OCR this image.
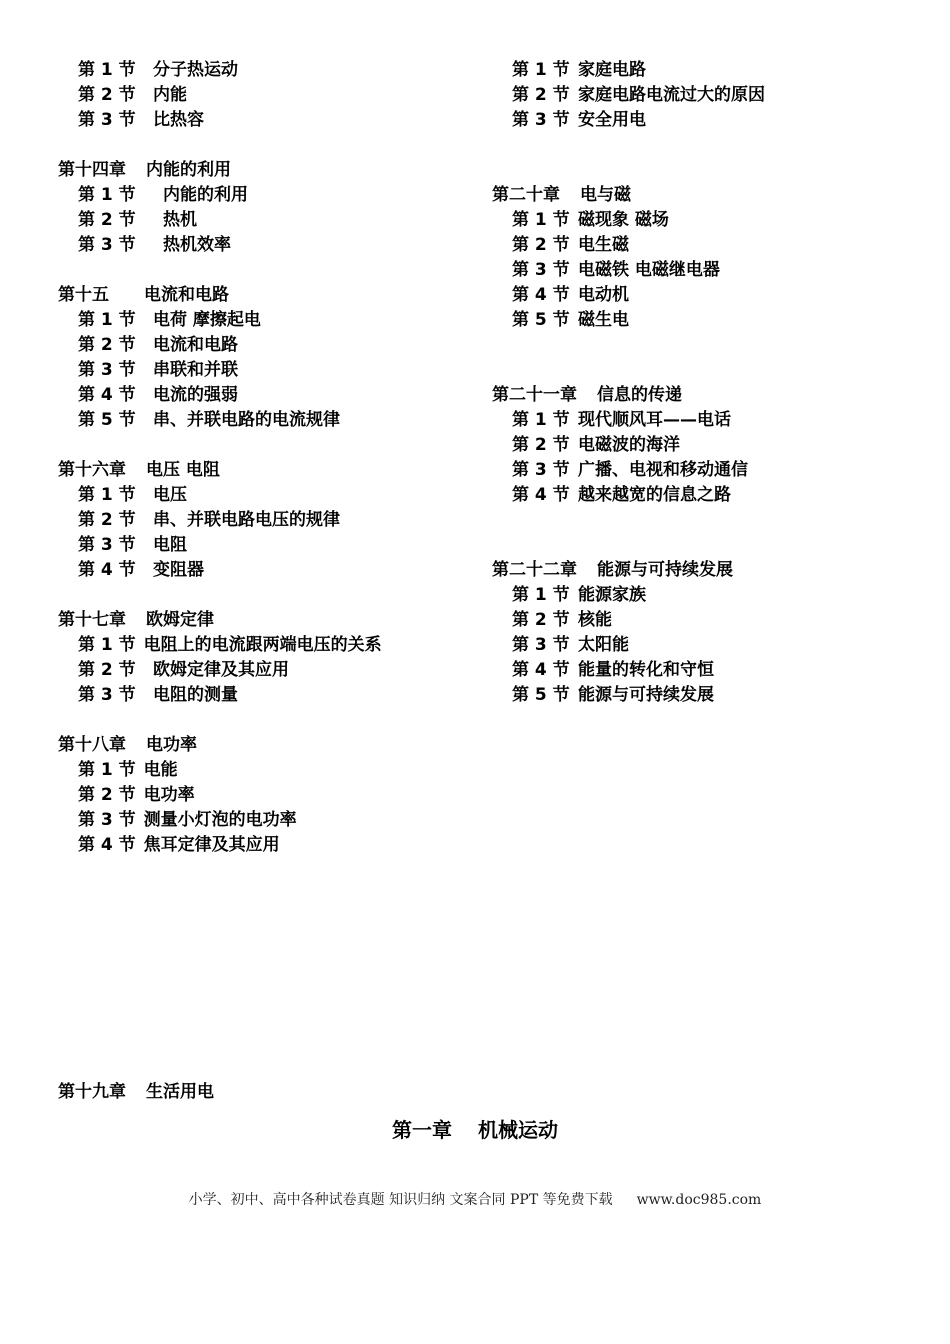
第 1 节 分子热运动
第 2 节 内能
第 3 节 比热容
第十四章 内能的利用
第 1 节 内能的利用
第 2 节 热机
第 3 节 热机效率
第十五 电流和电路
第 1 节 电荷 摩擦起电
第 2 节 电流和电路
第 3 节 串联和并联
第 4 节 电流的强弱
第 5 节 串、并联电路的电流规律
第十六章 电压 电阻
第 1 节 电压
第 2 节 串、并联电路电压的规律
第 3 节 电阻
第 4 节 变阻器
第十七章 欧姆定律
第 1 节 电阻上的电流跟两端电压的关系
第 2 节 欧姆定律及其应用
第 3 节 电阻的测量
第十八章 电功率
第 1 节 电能
第 2 节 电功率
第 3 节 测量小灯泡的电功率
第 4 节 焦耳定律及其应用
第 1 节 家庭电路
第 2 节 家庭电路电流过大的原因
第 3 节 安全用电
第二十章 电与磁
第 1 节 磁现象 磁场
第 2 节 电生磁
第 3 节 电磁铁 电磁继电器
第 4 节 电动机
第 5 节 磁生电
第二十一章 信息的传递
第 1 节 现代顺风耳——电话
第 2 节 电磁波的海洋
第 3 节 广播、电视和移动通信
第 4 节 越来越宽的信息之路
第二十二章 能源与可持续发展
第 1 节 能源家族
第 2 节 核能
第 3 节 太阳能
第 4 节 能量的转化和守恒
第 5 节 能源与可持续发展
第十九章 生活用电
第一章 机械运动
小学、初中、高中各种试卷真题 知识归纳 文案合同 PPT 等免费下载 www.doc985.com
